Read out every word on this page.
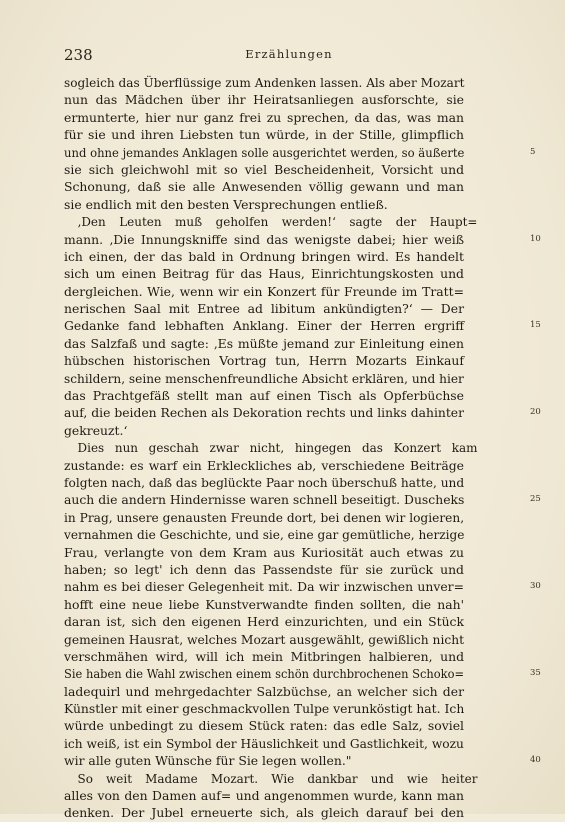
238	Erzählungen
sogleich das Überflüssige zum Andenken lassen. Als aber Mozart
nun das Mädchen über ihr Heiratsanliegen ausforschte, sie
ermunterte, hier nur ganz frei zu sprechen, da das, was man
für sie und ihren Liebsten tun würde, in der Stille, glimpflich
und ohne jemandes Anklagen solle ausgerichtet werden, so äußerte	5
sie sich gleichwohl mit so viel Bescheidenheit, Vorsicht und
Schonung, daß sie alle Anwesenden völlig gewann und man
sie endlich mit den besten Versprechungen entließ.
‚Den Leuten muß geholfen werden!‘ sagte der Haupt=
mann. ‚Die Innungskniffe sind das wenigste dabei; hier weiß	10
ich einen, der das bald in Ordnung bringen wird. Es handelt
sich um einen Beitrag für das Haus, Einrichtungskosten und
dergleichen. Wie, wenn wir ein Konzert für Freunde im Tratt=
nerischen Saal mit Entree ad libitum ankündigten?‘ — Der
Gedanke fand lebhaften Anklang. Einer der Herren ergriff	15
das Salzfaß und sagte: ‚Es müßte jemand zur Einleitung einen
hübschen historischen Vortrag tun, Herrn Mozarts Einkauf
schildern, seine menschenfreundliche Absicht erklären, und hier
das Prachtgefäß stellt man auf einen Tisch als Opferbüchse
auf, die beiden Rechen als Dekoration rechts und links dahinter	20
gekreuzt.‘
Dies nun geschah zwar nicht, hingegen das Konzert kam
zustande: es warf ein Erkleckliches ab, verschiedene Beiträge
folgten nach, daß das beglückte Paar noch überschuß hatte, und
auch die andern Hindernisse waren schnell beseitigt. Duscheks	25
in Prag, unsere genausten Freunde dort, bei denen wir logieren,
vernahmen die Geschichte, und sie, eine gar gemütliche, herzige
Frau, verlangte von dem Kram aus Kuriosität auch etwas zu
haben; so legt' ich denn das Passendste für sie zurück und
nahm es bei dieser Gelegenheit mit. Da wir inzwischen unver=	30
hofft eine neue liebe Kunstverwandte finden sollten, die nah'
daran ist, sich den eigenen Herd einzurichten, und ein Stück
gemeinen Hausrat, welches Mozart ausgewählt, gewißlich nicht
verschmähen wird, will ich mein Mitbringen halbieren, und
Sie haben die Wahl zwischen einem schön durchbrochenen Schoko=	35
ladequirl und mehrgedachter Salzbüchse, an welcher sich der
Künstler mit einer geschmackvollen Tulpe verunköstigt hat. Ich
würde unbedingt zu diesem Stück raten: das edle Salz, soviel
ich weiß, ist ein Symbol der Häuslichkeit und Gastlichkeit, wozu
wir alle guten Wünsche für Sie legen wollen."	40
So weit Madame Mozart. Wie dankbar und wie heiter
alles von den Damen auf= und angenommen wurde, kann man
denken. Der Jubel erneuerte sich, als gleich darauf bei den
